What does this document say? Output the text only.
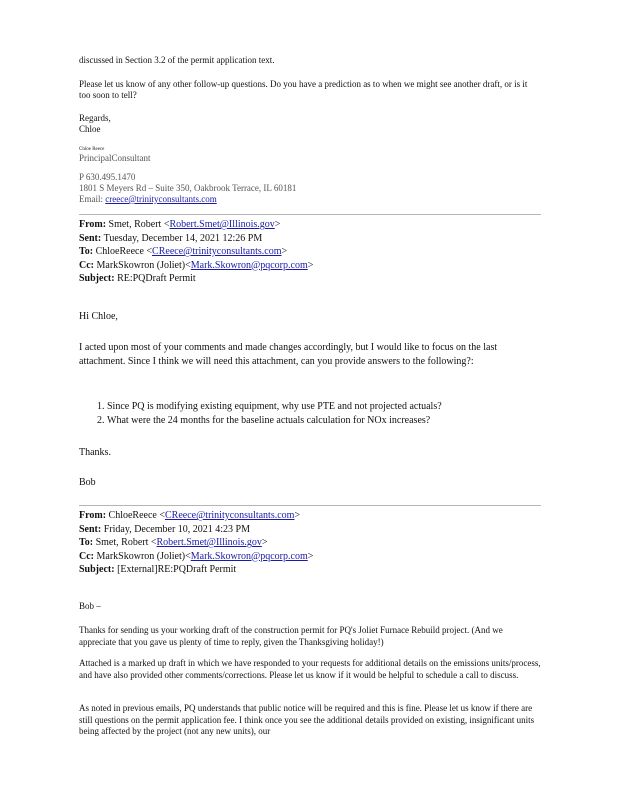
discussed in Section 3.2 of the permit application text.

Please let us know of any other follow-up questions. Do you have a prediction as to when we might see another draft, or is it too soon to tell?

Regards,

Chloe

Chloe Reece
PrincipalConsultant
P 630.495.1470
1801 S Meyers Rd – Suite 350, Oakbrook Terrace, IL 60181
Email: creece@trinityconsultants.com
From: Smet, Robert <Robert.Smet@Illinois.gov>
Sent: Tuesday, December 14, 2021 12:26 PM
To: ChloeReece <CReece@trinityconsultants.com>
Cc: MarkSkowron (Joliet)<Mark.Skowron@pqcorp.com>
Subject: RE:PQDraft Permit

Hi Chloe,

I acted upon most of your comments and made changes accordingly, but I would like to focus on the last attachment. Since I think we will need this attachment, can you provide answers to the following?:

1. Since PQ is modifying existing equipment, why use PTE and not projected actuals?
2. What were the 24 months for the baseline actuals calculation for NOx increases?

Thanks.

Bob

From: ChloeReece <CReece@trinityconsultants.com>
Sent: Friday, December 10, 2021 4:23 PM
To: Smet, Robert <Robert.Smet@Illinois.gov>
Cc: MarkSkowron (Joliet)<Mark.Skowron@pqcorp.com>
Subject: [External]RE:PQDraft Permit

Bob –

Thanks for sending us your working draft of the construction permit for PQ's Joliet Furnace Rebuild project. (And we appreciate that you gave us plenty of time to reply, given the Thanksgiving holiday!)

Attached is a marked up draft in which we have responded to your requests for additional details on the emissions units/process, and have also provided other comments/corrections. Please let us know if it would be helpful to schedule a call to discuss.

As noted in previous emails, PQ understands that public notice will be required and this is fine. Please let us know if there are still questions on the permit application fee. I think once you see the additional details provided on existing, insignificant units being affected by the project (not any new units), our
